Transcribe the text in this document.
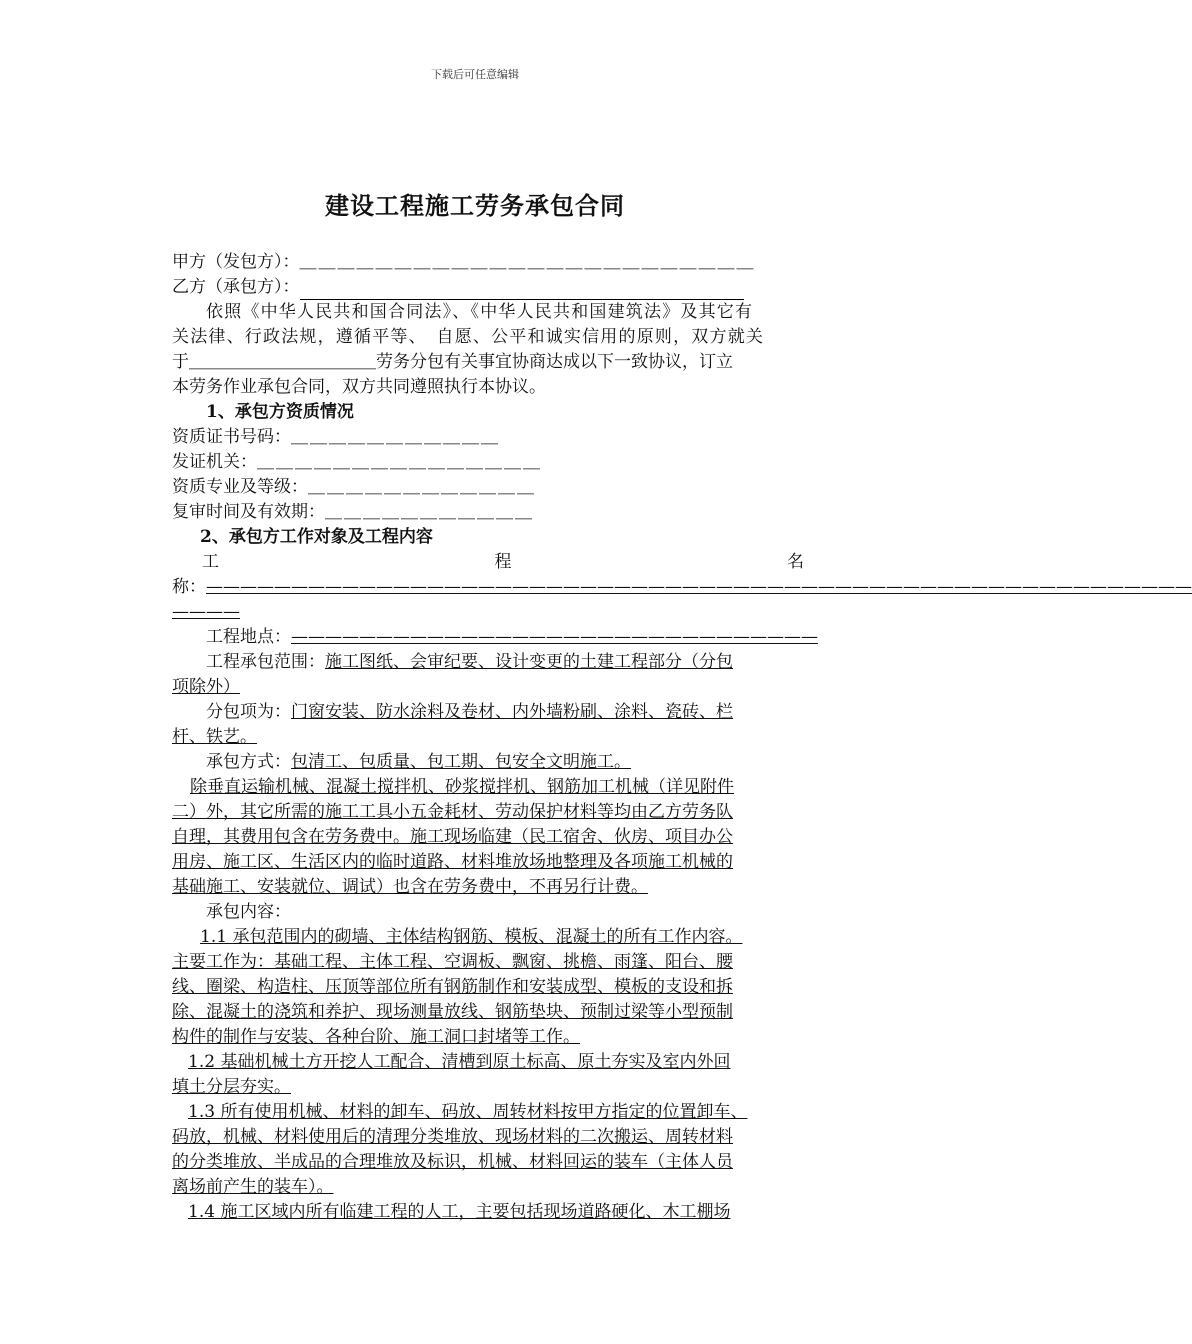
下载后可任意编辑
建设工程施工劳务承包合同
甲方（发包方）：＿＿＿＿＿＿＿＿＿＿＿＿＿＿＿＿＿＿＿＿＿＿＿＿
乙方（承包方）：
依照《中华人民共和国合同法》、《中华人民共和国建筑法》及其它有
关法律、行政法规，遵循平等、　自愿、公平和诚实信用的原则，双方就关
于＿＿＿＿＿＿＿＿＿＿＿劳务分包有关事宜协商达成以下一致协议，订立
本劳务作业承包合同，双方共同遵照执行本协议。
1、承包方资质情况
资质证书号码：＿＿＿＿＿＿＿＿＿＿＿
发证机关：＿＿＿＿＿＿＿＿＿＿＿＿＿＿＿
资质专业及等级：＿＿＿＿＿＿＿＿＿＿＿＿
复审时间及有效期：＿＿＿＿＿＿＿＿＿＿＿
2、承包方工作对象及工程内容
工	程	名
称：——————————————————————————————————————————————————————————
————
工程地点：———————————————————————————————
工程承包范围：施工图纸、会审纪要、设计变更的土建工程部分（分包
项除外）
分包项为：门窗安装、防水涂料及卷材、内外墙粉刷、涂料、瓷砖、栏
杆、铁艺。
承包方式：包清工、包质量、包工期、包安全文明施工。
除垂直运输机械、混凝土搅拌机、砂浆搅拌机、钢筋加工机械（详见附件
二）外，其它所需的施工工具小五金耗材、劳动保护材料等均由乙方劳务队
自理，其费用包含在劳务费中。施工现场临建（民工宿舍、伙房、项目办公
用房、施工区、生活区内的临时道路、材料堆放场地整理及各项施工机械的
基础施工、安装就位、调试）也含在劳务费中，不再另行计费。
承包内容：
1.1 承包范围内的砌墙、主体结构钢筋、模板、混凝土的所有工作内容。
主要工作为：基础工程、主体工程、空调板、飘窗、挑檐、雨篷、阳台、腰
线、圈梁、构造柱、压顶等部位所有钢筋制作和安装成型、模板的支设和拆
除、混凝土的浇筑和养护、现场测量放线、钢筋垫块、预制过梁等小型预制
构件的制作与安装、各种台阶、施工洞口封堵等工作。
1.2 基础机械土方开挖人工配合、清槽到原土标高、原土夯实及室内外回
填土分层夯实。
1.3 所有使用机械、材料的卸车、码放、周转材料按甲方指定的位置卸车、
码放，机械、材料使用后的清理分类堆放、现场材料的二次搬运、周转材料
的分类堆放、半成品的合理堆放及标识，机械、材料回运的装车（主体人员
离场前产生的装车）。
1.4 施工区域内所有临建工程的人工，主要包括现场道路硬化、木工棚场
